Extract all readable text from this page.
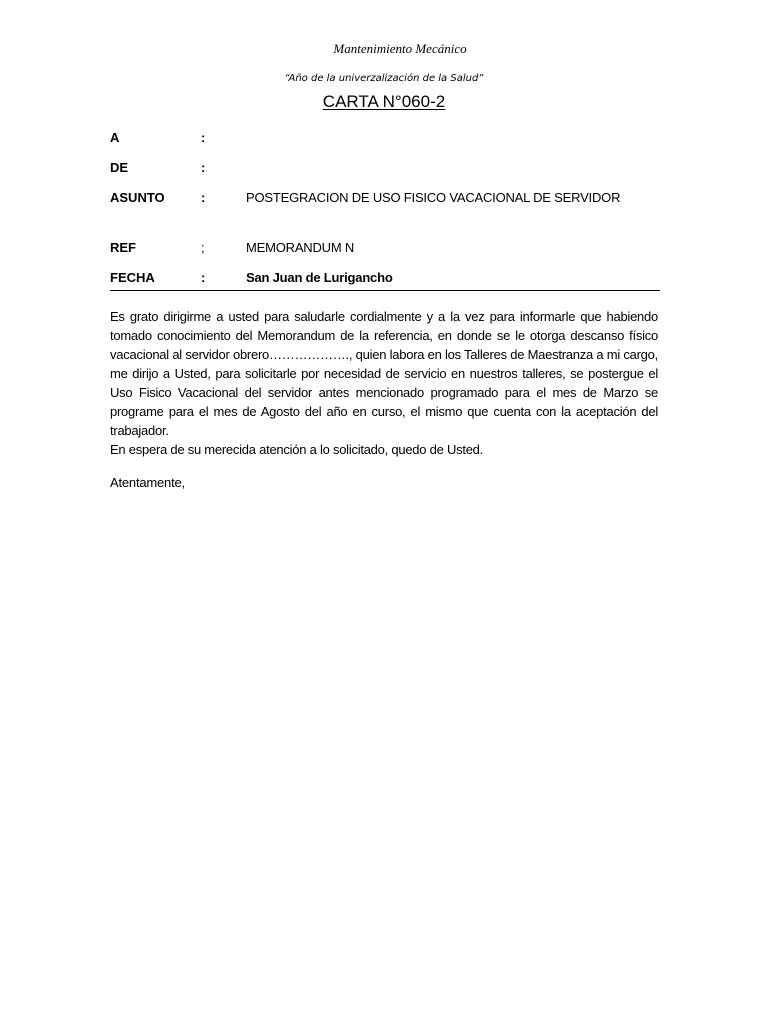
Mantenimiento Mecánico
“Año de la univerzalización de la Salud”
CARTA N°060-2
A	:
DE	:
ASUNTO	:	POSTEGRACION DE USO FISICO VACACIONAL DE SERVIDOR
REF	;	MEMORANDUM N
FECHA	:	San Juan de Lurigancho

Es grato dirigirme a usted para saludarle cordialmente y a la vez para informarle que habiendo tomado conocimiento del Memorandum de la referencia, en donde se le otorga descanso físico vacacional al servidor obrero………………., quien labora en los Talleres de Maestranza a mi cargo, me dirijo a Usted, para solicitarle por necesidad de servicio en nuestros talleres, se postergue el Uso Fisico Vacacional del servidor antes mencionado programado para el mes de Marzo se programe para el mes de Agosto del año en curso, el mismo que cuenta con la aceptación del trabajador.

En espera de su merecida atención a lo solicitado, quedo de Usted.

Atentamente,
